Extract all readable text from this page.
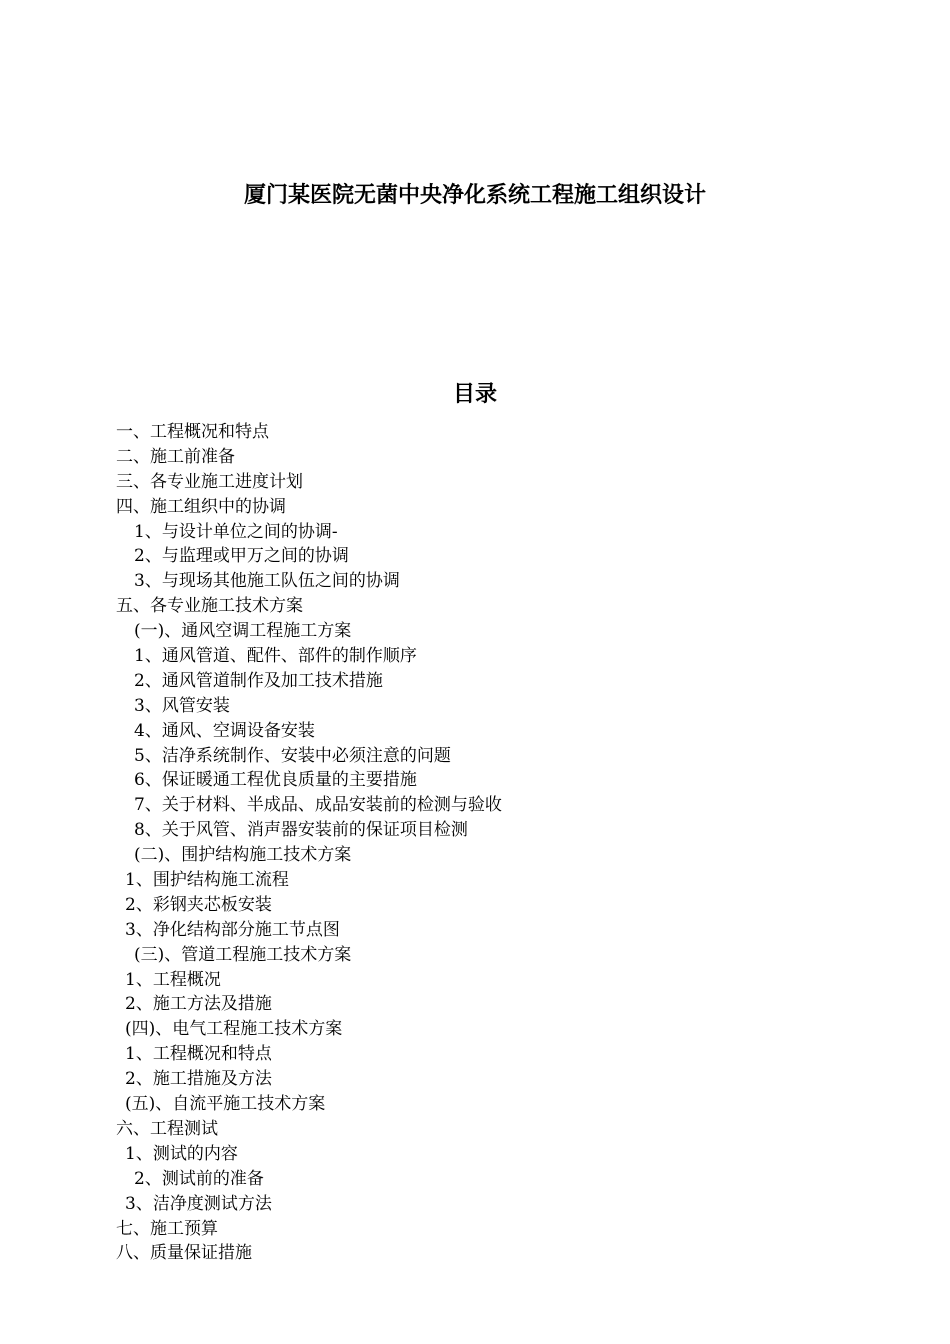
厦门某医院无菌中央净化系统工程施工组织设计
目录
一、工程概况和特点
二、施工前准备
三、各专业施工进度计划
四、施工组织中的协调
1、与设计单位之间的协调-
2、与监理或甲万之间的协调
3、与现场其他施工队伍之间的协调
五、各专业施工技术方案
(一)、通风空调工程施工方案
1、通风管道、配件、部件的制作顺序
2、通风管道制作及加工技术措施
3、风管安装
4、通风、空调设备安装
5、洁净系统制作、安装中必须注意的问题
6、保证暖通工程优良质量的主要措施
7、关于材料、半成品、成品安装前的检测与验收
8、关于风管、消声器安装前的保证项目检测
(二)、围护结构施工技术方案
1、围护结构施工流程
2、彩钢夹芯板安装
3、净化结构部分施工节点图
(三)、管道工程施工技术方案
1、工程概况
2、施工方法及措施
(四)、电气工程施工技术方案
1、工程概况和特点
2、施工措施及方法
(五)、自流平施工技术方案
六、工程测试
1、测试的内容
2、测试前的准备
3、洁净度测试方法
七、施工预算
八、质量保证措施
